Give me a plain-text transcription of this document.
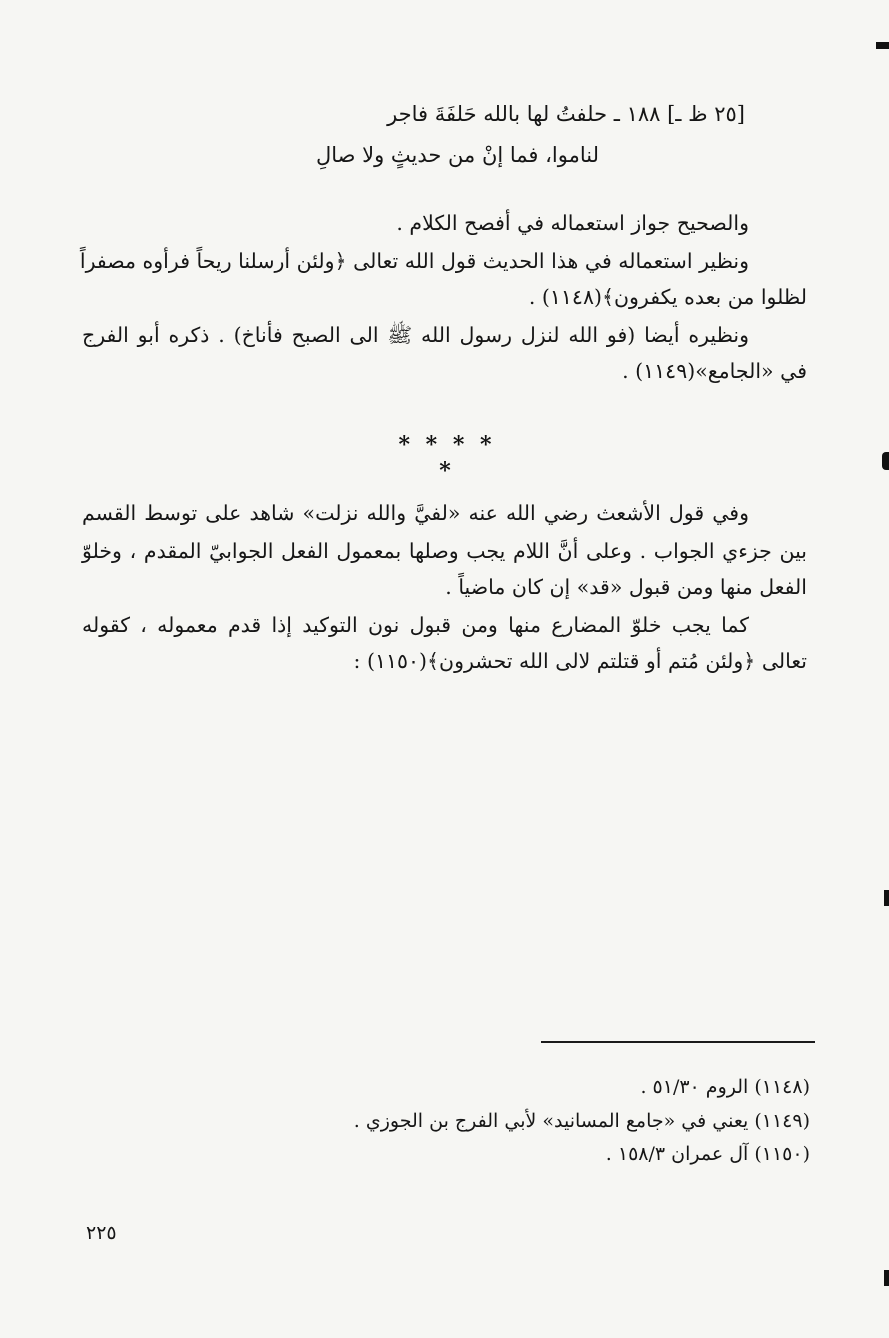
[٢٥ ظ ـ] ١٨٨ ـ حلفتُ لها بالله حَلفَةَ فاجر
لناموا، فما إنْ من حديثٍ ولا صالِ
والصحيح جواز استعماله في أفصح الكلام .
ونظير استعماله في هذا الحديث قول الله تعالى ﴿ولئن أرسلنا ريحاً فرأوه مصفراً
لظلوا من بعده يكفرون﴾(١١٤٨) .
ونظيره أيضا (فو الله لنزل رسول الله ﷺ الى الصبح فأناخ) . ذكره أبو الفرج
في «الجامع»(١١٤٩) .
* * * * *
وفي قول الأشعث رضي الله عنه «لفيَّ والله نزلت» شاهد على توسط القسم
بين جزءي الجواب . وعلى أنَّ اللام يجب وصلها بمعمول الفعل الجوابيّ المقدم ، وخلوّ
الفعل منها ومن قبول «قد» إن كان ماضياً .
كما يجب خلوّ المضارع منها ومن قبول نون التوكيد إذا قدم معموله ، كقوله
تعالى ﴿ولئن مُتم أو قتلتم لالى الله تحشرون﴾(١١٥٠) :
(١١٤٨) الروم ٥١/٣٠ .
(١١٤٩) يعني في «جامع المسانيد» لأبي الفرج بن الجوزي .
(١١٥٠) آل عمران ١٥٨/٣ .
٢٢٥
